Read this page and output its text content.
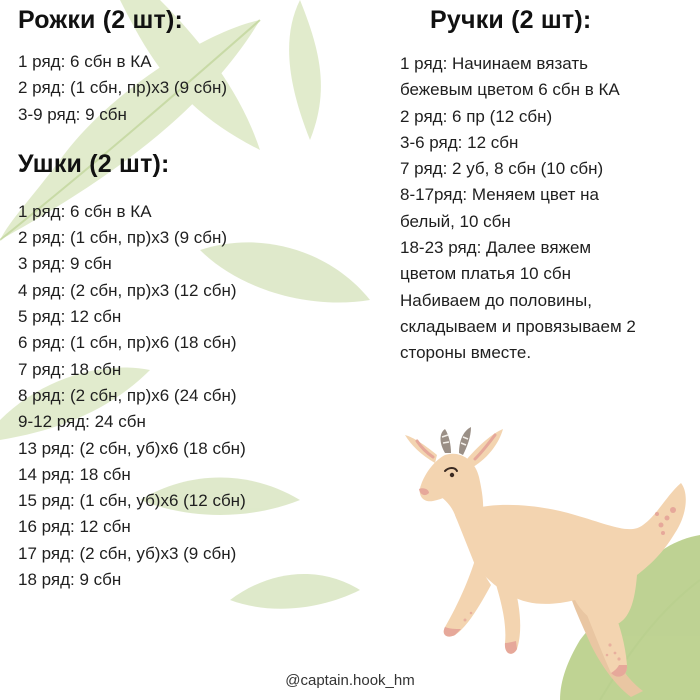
Рожки (2 шт):
1 ряд: 6 сбн в КА
2 ряд: (1 сбн, пр)х3 (9 сбн)
3-9 ряд: 9 сбн
Ушки (2 шт):
1 ряд: 6 сбн в КА
2 ряд: (1 сбн, пр)х3 (9 сбн)
3 ряд: 9 сбн
4 ряд: (2 сбн, пр)х3 (12 сбн)
5 ряд: 12 сбн
6 ряд: (1 сбн, пр)х6 (18 сбн)
7 ряд: 18 сбн
8 ряд: (2 сбн, пр)х6 (24 сбн)
9-12 ряд: 24 сбн
13 ряд: (2 сбн, уб)х6 (18 сбн)
14 ряд: 18 сбн
15 ряд: (1 сбн, уб)х6 (12 сбн)
16 ряд: 12 сбн
17 ряд: (2 сбн, уб)х3 (9 сбн)
18 ряд: 9 сбн
Ручки (2 шт):
1 ряд: Начинаем вязать
бежевым цветом 6 сбн в КА
2 ряд: 6 пр (12 сбн)
3-6 ряд: 12 сбн
7 ряд: 2 уб, 8 сбн (10 сбн)
8-17ряд: Меняем цвет на
белый, 10 сбн
18-23 ряд: Далее вяжем
цветом платья 10 сбн
Набиваем до половины,
складываем и провязываем 2
стороны вместе.
@captain.hook_hm
